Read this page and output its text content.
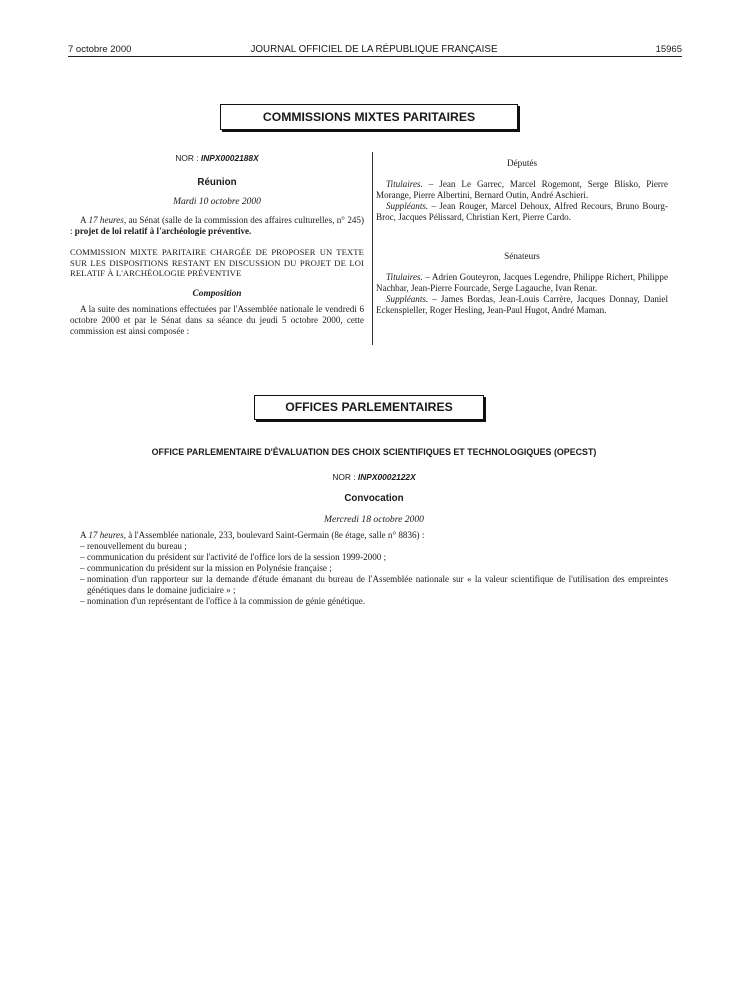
7 octobre 2000	JOURNAL OFFICIEL DE LA RÉPUBLIQUE FRANÇAISE	15965
COMMISSIONS MIXTES PARITAIRES
NOR : INPX0002188X
Réunion
Mardi 10 octobre 2000
A 17 heures, au Sénat (salle de la commission des affaires culturelles, n° 245) : projet de loi relatif à l'archéologie préventive.
COMMISSION MIXTE PARITAIRE CHARGÉE DE PROPOSER UN TEXTE SUR LES DISPOSITIONS RESTANT EN DISCUSSION DU PROJET DE LOI RELATIF À L'ARCHÉOLOGIE PRÉVENTIVE
Composition
A la suite des nominations effectuées par l'Assemblée nationale le vendredi 6 octobre 2000 et par le Sénat dans sa séance du jeudi 5 octobre 2000, cette commission est ainsi composée :
Députés
Titulaires. – Jean Le Garrec, Marcel Rogemont, Serge Blisko, Pierre Morange, Pierre Albertini, Bernard Outin, André Aschieri.
Suppléants. – Jean Rouger, Marcel Dehoux, Alfred Recours, Bruno Bourg-Broc, Jacques Pélissard, Christian Kert, Pierre Cardo.
Sénateurs
Titulaires. – Adrien Gouteyron, Jacques Legendre, Philippe Richert, Philippe Nachbar, Jean-Pierre Fourcade, Serge Lagauche, Ivan Renar.
Suppléants. – James Bordas, Jean-Louis Carrère, Jacques Donnay, Daniel Eckenspieller, Roger Hesling, Jean-Paul Hugot, André Maman.
OFFICES PARLEMENTAIRES
OFFICE PARLEMENTAIRE D'ÉVALUATION DES CHOIX SCIENTIFIQUES ET TECHNOLOGIQUES (OPECST)
NOR : INPX0002122X
Convocation
Mercredi 18 octobre 2000
A 17 heures, à l'Assemblée nationale, 233, boulevard Saint-Germain (8e étage, salle n° 8836) :
– renouvellement du bureau ;
– communication du président sur l'activité de l'office lors de la session 1999-2000 ;
– communication du président sur la mission en Polynésie française ;
– nomination d'un rapporteur sur la demande d'étude émanant du bureau de l'Assemblée nationale sur « la valeur scientifique de l'utilisation des empreintes génétiques dans le domaine judiciaire » ;
– nomination d'un représentant de l'office à la commission de génie génétique.
